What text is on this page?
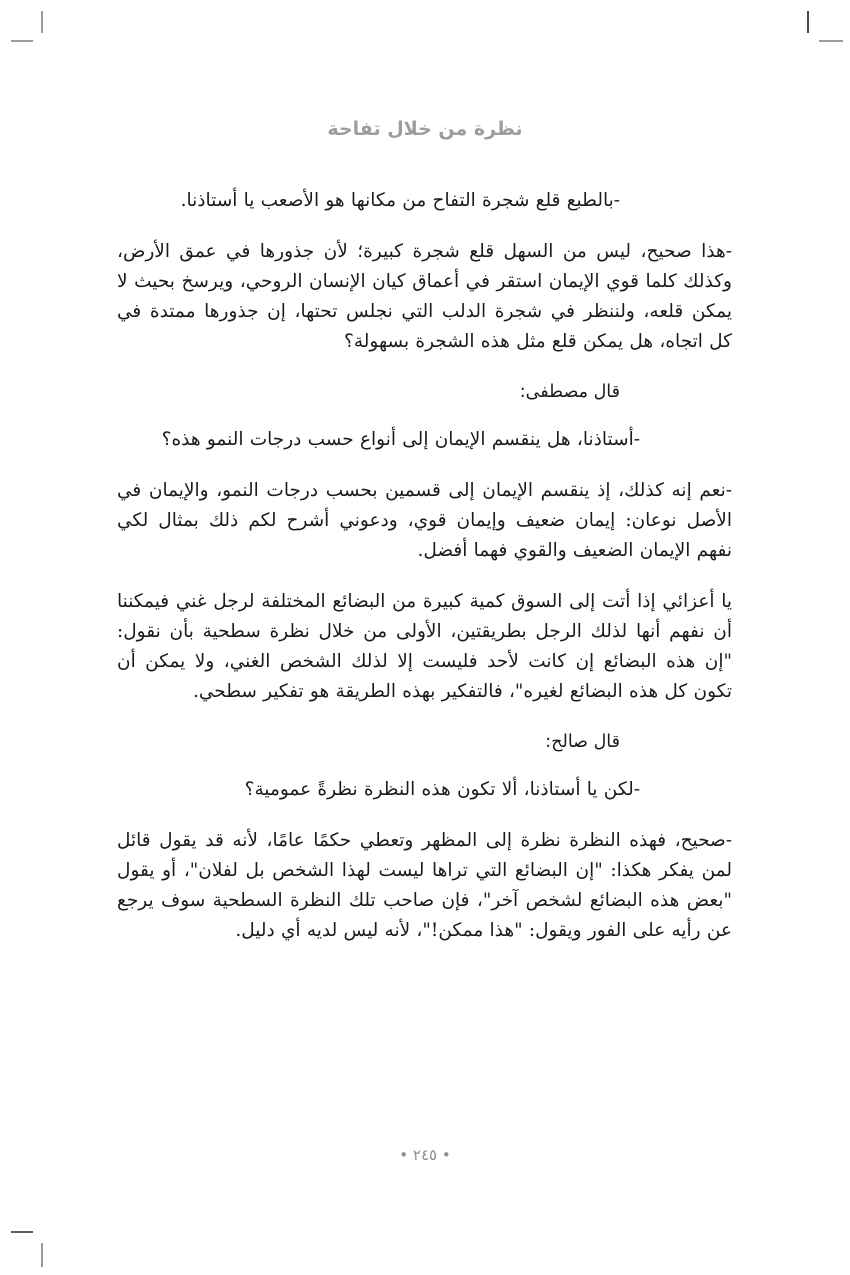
نظرة من خلال تفاحة

-بالطبع قلع شجرة التفاح من مكانها هو الأصعب يا أستاذنا.

-هذا صحيح، ليس من السهل قلع شجرة كبيرة؛ لأن جذورها في عمق الأرض، وكذلك كلما قوي الإيمان استقر في أعماق كيان الإنسان الروحي، ويرسخ بحيث لا يمكن قلعه، ولننظر في شجرة الدلب التي نجلس تحتها، إن جذورها ممتدة في كل اتجاه، هل يمكن قلع مثل هذه الشجرة بسهولة؟

قال مصطفى:

-أستاذنا، هل ينقسم الإيمان إلى أنواع حسب درجات النمو هذه؟

-نعم إنه كذلك، إذ ينقسم الإيمان إلى قسمين بحسب درجات النمو، والإيمان في الأصل نوعان: إيمان ضعيف وإيمان قوي، ودعوني أشرح لكم ذلك بمثال لكي نفهم الإيمان الضعيف والقوي فهما أفضل.

يا أعزائي إذا أتت إلى السوق كمية كبيرة من البضائع المختلفة لرجل غني فيمكننا أن نفهم أنها لذلك الرجل بطريقتين، الأولى من خلال نظرة سطحية بأن نقول: "إن هذه البضائع إن كانت لأحد فليست إلا لذلك الشخص الغني، ولا يمكن أن تكون كل هذه البضائع لغيره"، فالتفكير بهذه الطريقة هو تفكير سطحي.

قال صالح:

-لكن يا أستاذنا، ألا تكون هذه النظرة نظرةً عمومية؟

-صحيح، فهذه النظرة نظرة إلى المظهر وتعطي حكمًا عامًا، لأنه قد يقول قائل لمن يفكر هكذا: "إن البضائع التي تراها ليست لهذا الشخص بل لفلان"، أو يقول "بعض هذه البضائع لشخص آخر"، فإن صاحب تلك النظرة السطحية سوف يرجع عن رأيه على الفور ويقول: "هذا ممكن!"، لأنه ليس لديه أي دليل.

• ٢٤٥ •
